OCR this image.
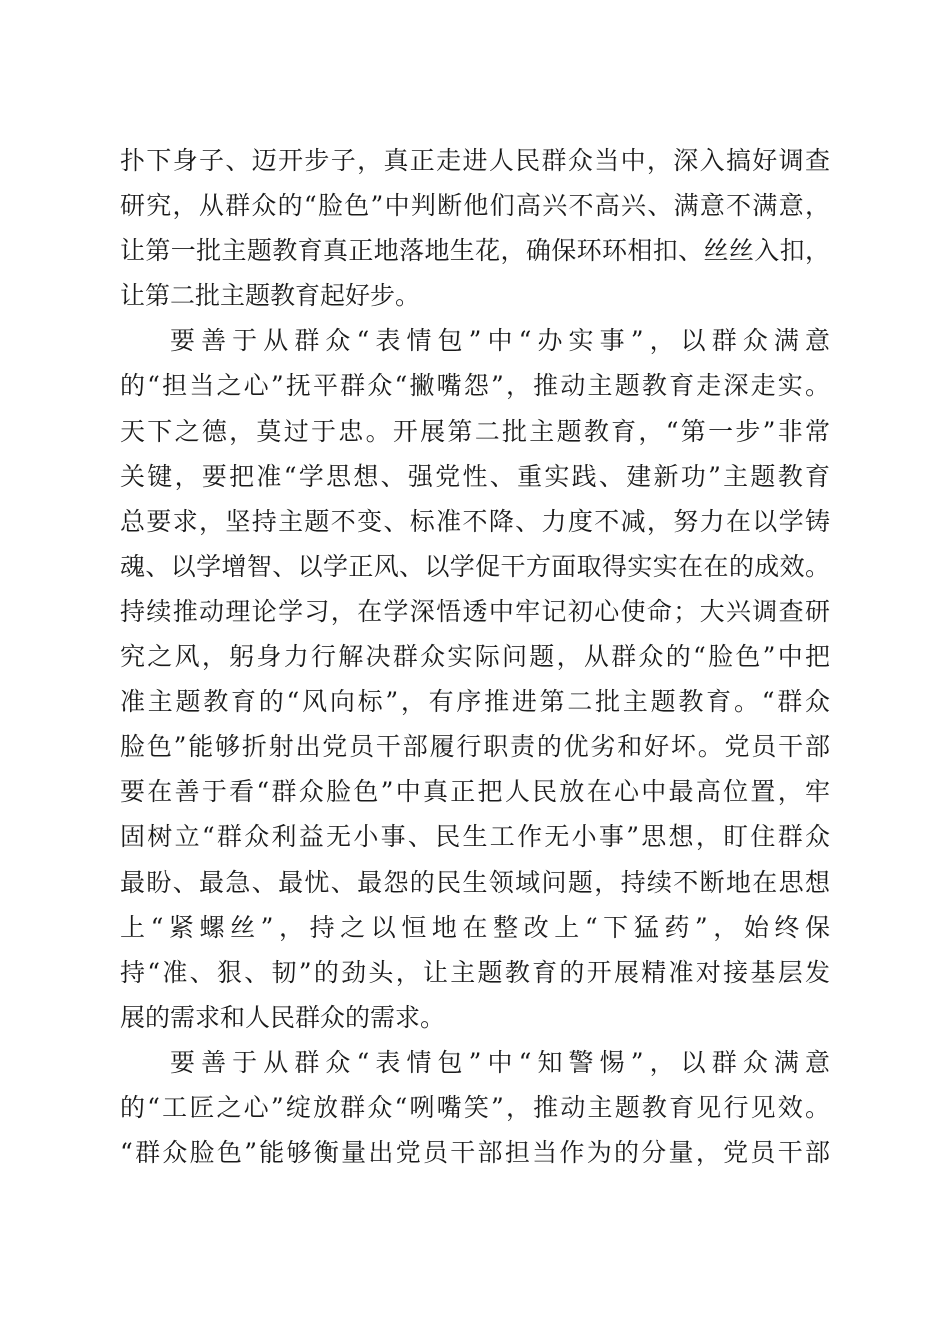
扑下身子、迈开步子，真正走进人民群众当中，深入搞好调查
研究，从群众的“脸色”中判断他们高兴不高兴、满意不满意，
让第一批主题教育真正地落地生花，确保环环相扣、丝丝入扣，
让第二批主题教育起好步。
要善于从群众“表情包”中“办实事”，以群众满意
的“担当之心”抚平群众“撇嘴怨”，推动主题教育走深走实。
天下之德，莫过于忠。开展第二批主题教育，“第一步”非常
关键，要把准“学思想、强党性、重实践、建新功”主题教育
总要求，坚持主题不变、标准不降、力度不减，努力在以学铸
魂、以学增智、以学正风、以学促干方面取得实实在在的成效。
持续推动理论学习，在学深悟透中牢记初心使命；大兴调查研
究之风，躬身力行解决群众实际问题，从群众的“脸色”中把
准主题教育的“风向标”，有序推进第二批主题教育。“群众
脸色”能够折射出党员干部履行职责的优劣和好坏。党员干部
要在善于看“群众脸色”中真正把人民放在心中最高位置，牢
固树立“群众利益无小事、民生工作无小事”思想，盯住群众
最盼、最急、最忧、最怨的民生领域问题，持续不断地在思想
上“紧螺丝”，持之以恒地在整改上“下猛药”，始终保
持“准、狠、韧”的劲头，让主题教育的开展精准对接基层发
展的需求和人民群众的需求。
要善于从群众“表情包”中“知警惕”，以群众满意
的“工匠之心”绽放群众“咧嘴笑”，推动主题教育见行见效。
“群众脸色”能够衡量出党员干部担当作为的分量，党员干部
